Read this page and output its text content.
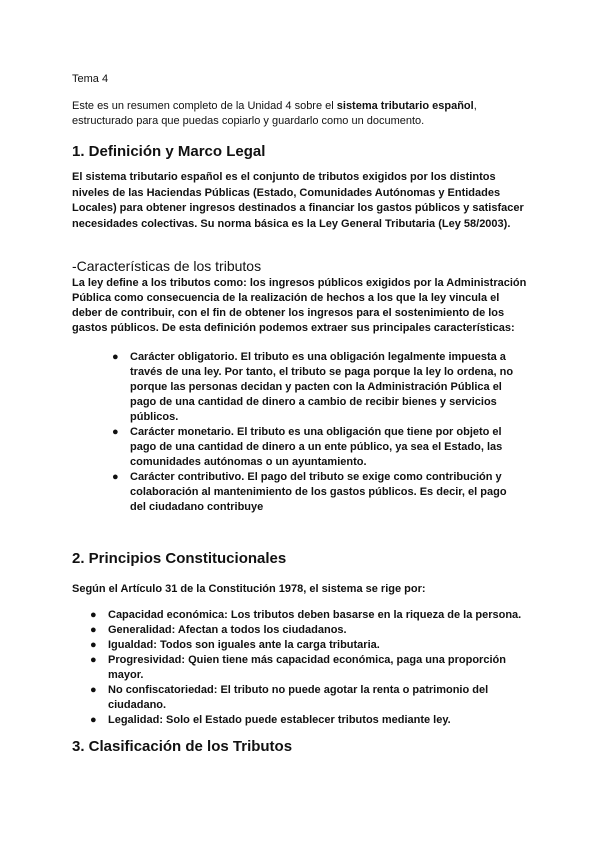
Tema 4

Este es un resumen completo de la Unidad 4 sobre el sistema tributario español, estructurado para que puedas copiarlo y guardarlo como un documento.

1. Definición y Marco Legal

El sistema tributario español es el conjunto de tributos exigidos por los distintos niveles de las Haciendas Públicas (Estado, Comunidades Autónomas y Entidades Locales) para obtener ingresos destinados a financiar los gastos públicos y satisfacer necesidades colectivas. Su norma básica es la Ley General Tributaria (Ley 58/2003).

-Características de los tributos

La ley define a los tributos como: los ingresos públicos exigidos por la Administración Pública como consecuencia de la realización de hechos a los que la ley vincula el deber de contribuir, con el fin de obtener los ingresos para el sostenimiento de los gastos públicos. De esta definición podemos extraer sus principales características:

● Carácter obligatorio. El tributo es una obligación legalmente impuesta a través de una ley. Por tanto, el tributo se paga porque la ley lo ordena, no porque las personas decidan y pacten con la Administración Pública el pago de una cantidad de dinero a cambio de recibir bienes y servicios públicos.
● Carácter monetario. El tributo es una obligación que tiene por objeto el pago de una cantidad de dinero a un ente público, ya sea el Estado, las comunidades autónomas o un ayuntamiento.
● Carácter contributivo. El pago del tributo se exige como contribución y colaboración al mantenimiento de los gastos públicos. Es decir, el pago del ciudadano contribuye
2. Principios Constitucionales

Según el Artículo 31 de la Constitución 1978, el sistema se rige por:

● Capacidad económica: Los tributos deben basarse en la riqueza de la persona.
● Generalidad: Afectan a todos los ciudadanos.
● Igualdad: Todos son iguales ante la carga tributaria.
● Progresividad: Quien tiene más capacidad económica, paga una proporción mayor.
● No confiscatoriedad: El tributo no puede agotar la renta o patrimonio del ciudadano.
● Legalidad: Solo el Estado puede establecer tributos mediante ley.
3. Clasificación de los Tributos
